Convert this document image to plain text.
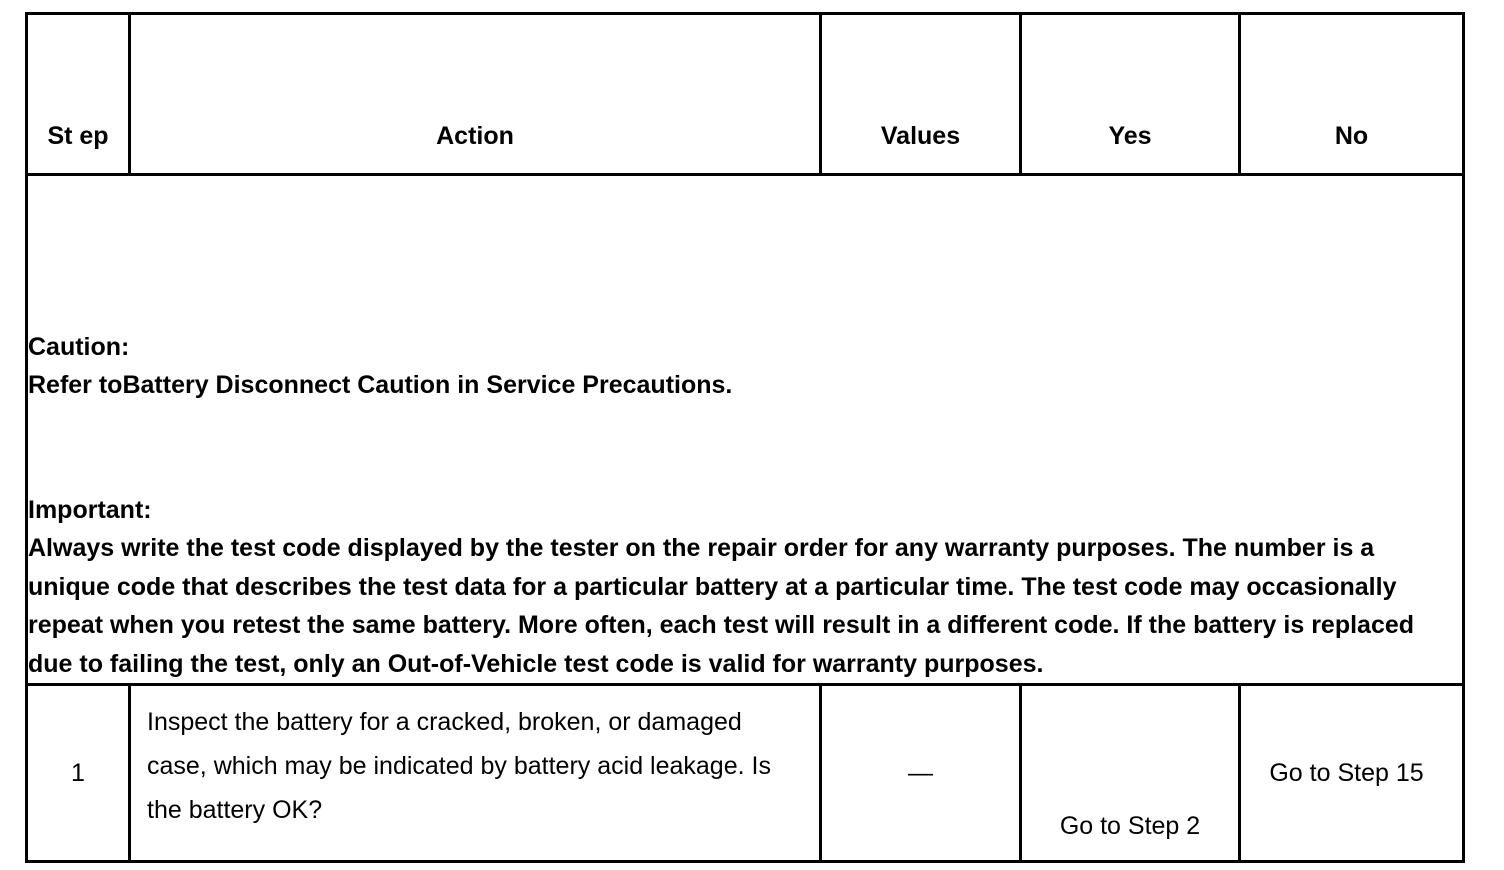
St ep	Action	Values	Yes	No

Caution:

Refer toBattery Disconnect Caution in Service Precautions.

Important:

Always write the test code displayed by the tester on the repair order for any warranty purposes. The number is a unique code that describes the test data for a particular battery at a particular time. The test code may occasionally repeat when you retest the same battery. More often, each test will result in a different code. If the battery is replaced due to failing the test, only an Out-of-Vehicle test code is valid for warranty purposes.				

1	Inspect the battery for a cracked, broken, or damaged case, which may be indicated by battery acid leakage. Is the battery OK?	—	Go to Step 2	Go to Step 15
